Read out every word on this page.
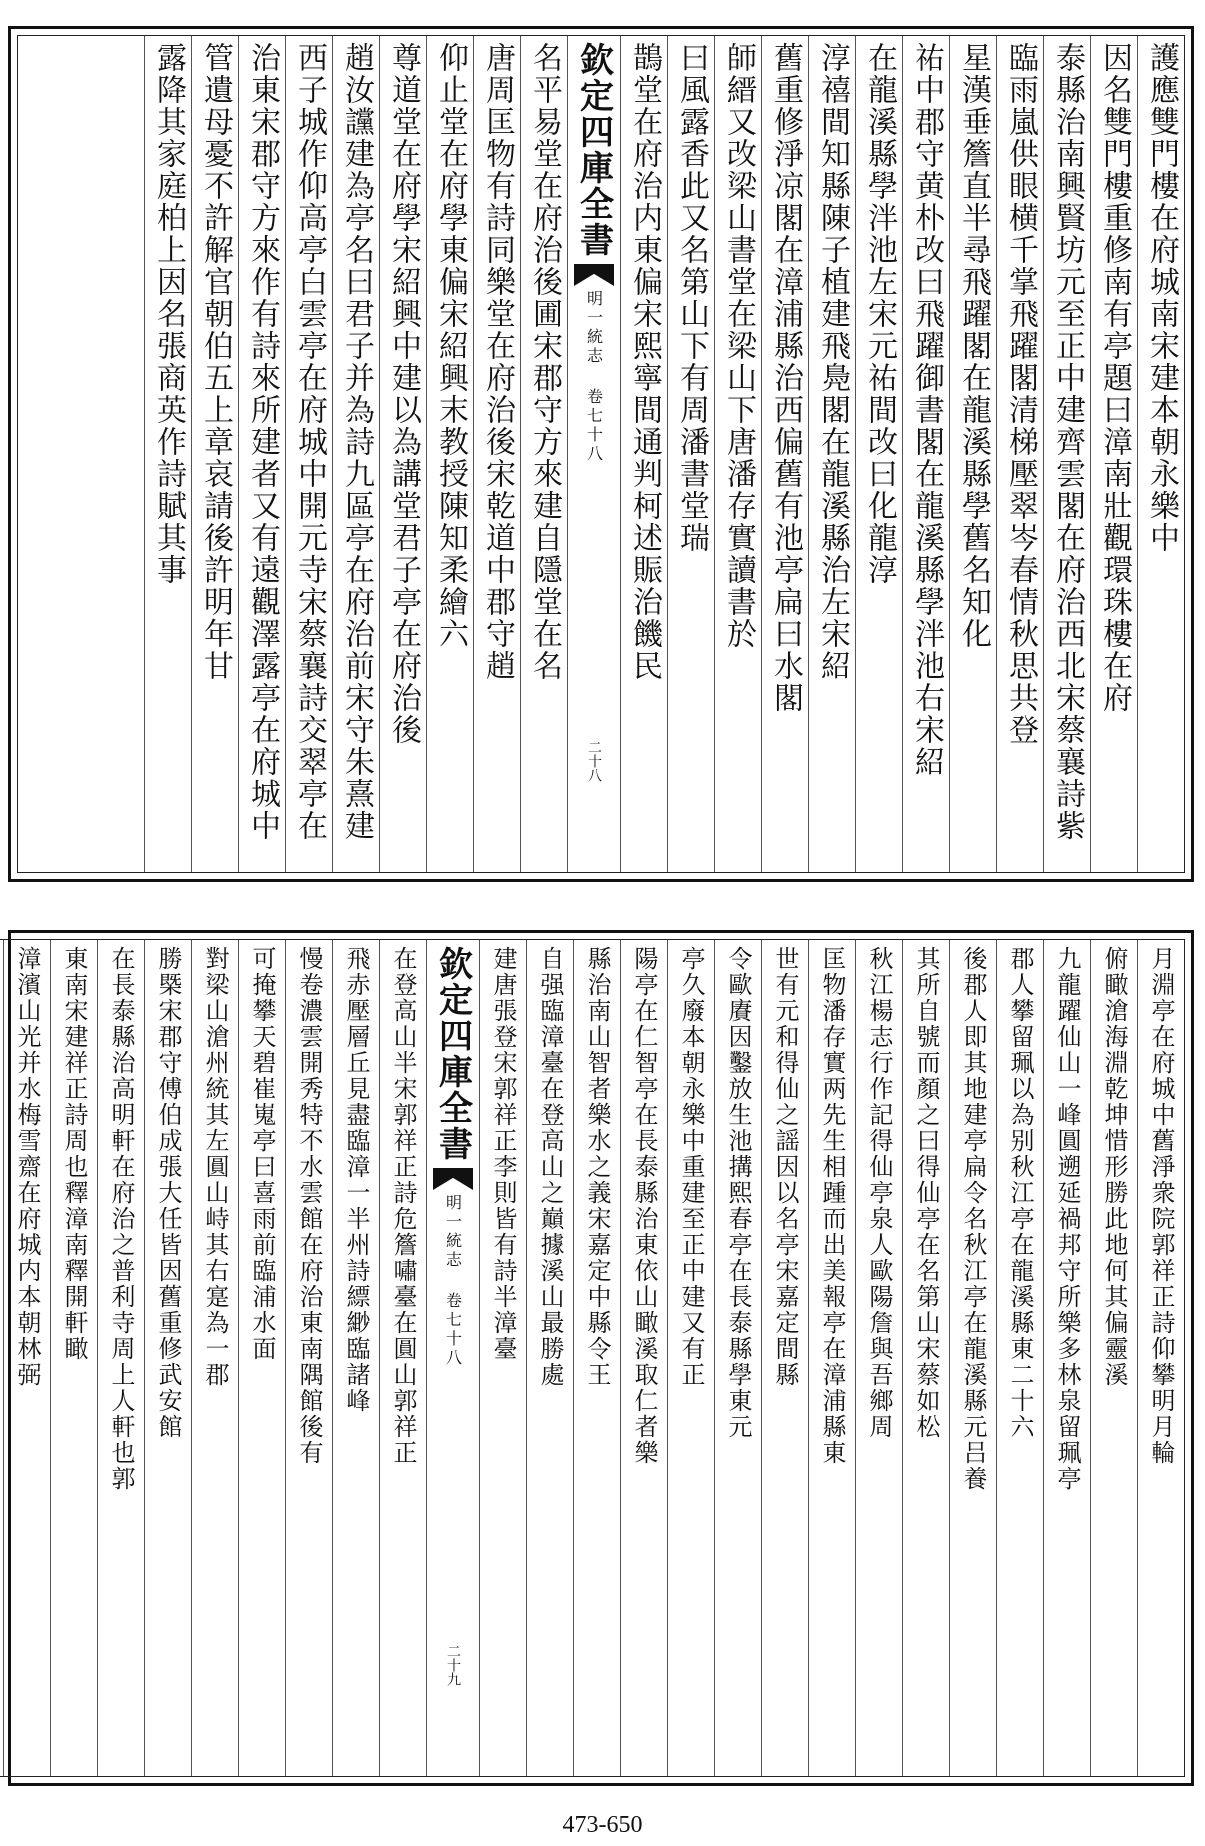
護應雙門樓在府城南宋建本朝永樂中
因名雙門樓重修南有亭題曰漳南壯觀環珠樓在府
泰縣治南興賢坊元至正中建齊雲閣在府治西北宋蔡襄詩紫
臨雨嵐供眼横千掌飛躍閣清梯壓翠岑春情秋思共登
星漢垂簷直半尋飛躍閣在龍溪縣學舊名知化
祐中郡守黄朴改曰飛躍御書閣在龍溪縣學泮池右宋紹
在龍溪縣學泮池左宋元祐間改曰化龍淳
淳禧間知縣陳子植建飛鳧閣在龍溪縣治左宋紹
舊重修淨凉閣在漳浦縣治西偏舊有池亭扁曰水閣
師縉又改梁山書堂在梁山下唐潘存實讀書於
曰風露香此又名第山下有周潘書堂瑞
鵲堂在府治内東偏宋熙寧間通判柯述賑治饑民
欽定四庫全書
明一統志 卷七十八
二十八
名平易堂在府治後圃宋郡守方來建自隱堂在名
唐周匡物有詩同樂堂在府治後宋乾道中郡守趙
仰止堂在府學東偏宋紹興末教授陳知柔繪六
尊道堂在府學宋紹興中建以為講堂君子亭在府治後
趙汝讜建為亭名曰君子并為詩九區亭在府治前宋守朱熹建
西子城作仰高亭白雲亭在府城中開元寺宋蔡襄詩交翠亭在
治東宋郡守方來作有詩來所建者又有遠觀澤露亭在府城中
管遺母憂不許解官朝伯五上章哀請後許明年甘
露降其家庭柏上因名張商英作詩賦其事
月淵亭在府城中舊淨衆院郭祥正詩仰攀明月輪
俯瞰滄海淵乾坤惜形勝此地何其偏靈溪
九龍躍仙山一峰圓遡延禍邦守所樂多林泉留珮亭
郡人攀留珮以為别秋江亭在龍溪縣東二十六
後郡人即其地建亭扁令名秋江亭在龍溪縣元吕養
其所自號而顏之曰得仙亭在名第山宋蔡如松
秋江楊志行作記得仙亭泉人歐陽詹與吾鄉周
匡物潘存實两先生相踵而出美報亭在漳浦縣東
世有元和得仙之謡因以名亭宋嘉定間縣
令歐賡因鑿放生池搆熙春亭在長泰縣學東元
亭久廢本朝永樂中重建至正中建又有正
陽亭在仁智亭在長泰縣治東依山瞰溪取仁者樂
縣治南山智者樂水之義宋嘉定中縣令王
自强臨漳臺在登高山之巔據溪山最勝處
建唐張登宋郭祥正李則皆有詩半漳臺
欽定四庫全書
明一統志 卷七十八
二十九
在登高山半宋郭祥正詩危簷嘯臺在圓山郭祥正
飛赤壓層丘見盡臨漳一半州詩縹緲臨諸峰
慢卷濃雲開秀特不水雲館在府治東南隅館後有
可掩攀天碧崔嵬亭曰喜雨前臨浦水面
對梁山滄州統其左圓山峙其右寔為一郡
勝槩宋郡守傅伯成張大任皆因舊重修武安館
在長泰縣治高明軒在府治之普利寺周上人軒也郭
東南宋建祥正詩周也釋漳南釋開軒瞰
漳濱山光并水梅雪齋在府城内本朝林弼
473-650
